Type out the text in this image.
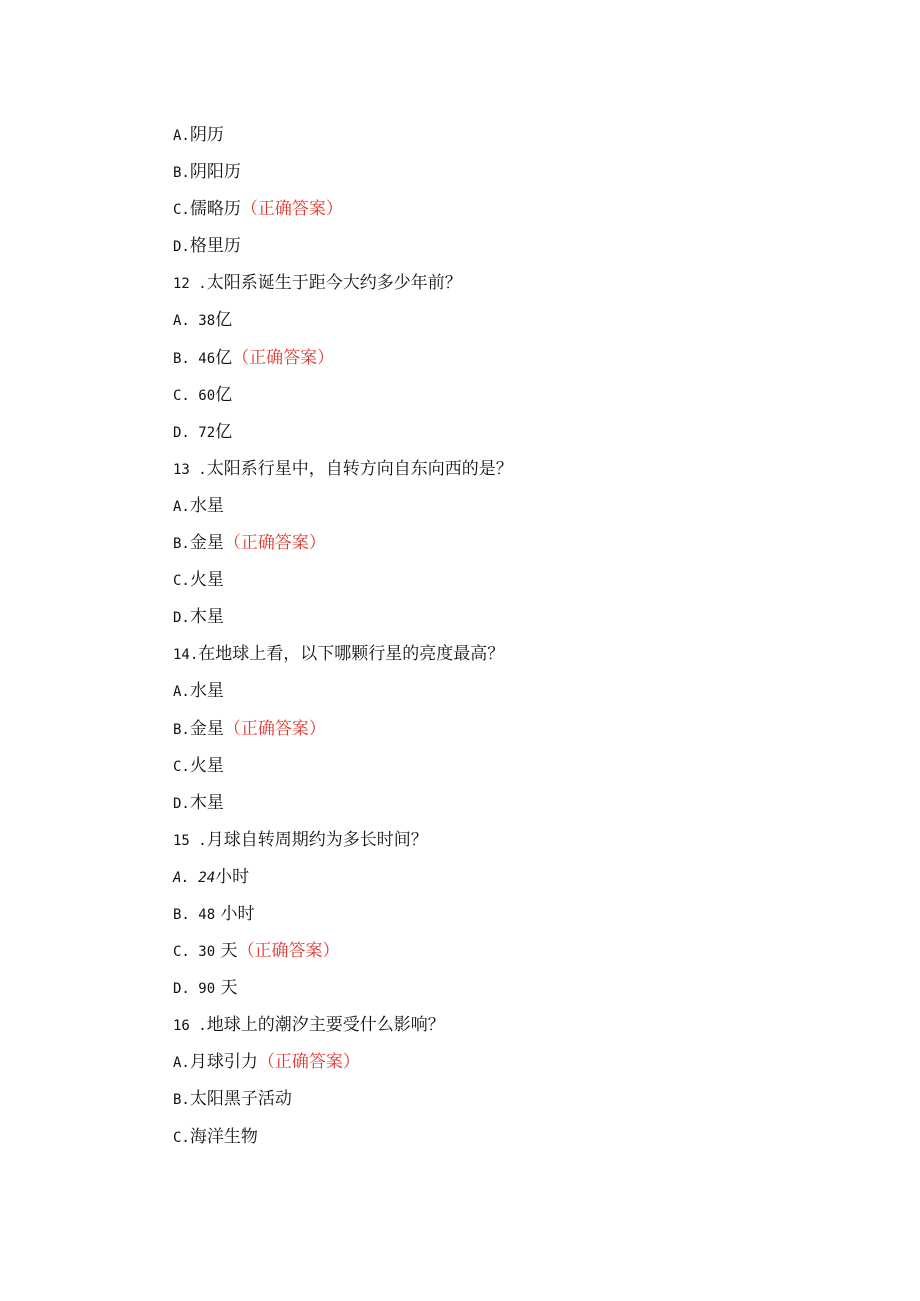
A.阴历
B.阴阳历
C.儒略历（正确答案）
D.格里历
12 .太阳系诞生于距今大约多少年前？
A. 38亿
B. 46亿（正确答案）
C. 60亿
D. 72亿
13 .太阳系行星中，自转方向自东向西的是？
A.水星
B.金星（正确答案）
C.火星
D.木星
14.在地球上看，以下哪颗行星的亮度最高？
A.水星
B.金星（正确答案）
C.火星
D.木星
15 .月球自转周期约为多长时间？
A. 24小时
B. 48 小时
C. 30 天（正确答案）
D. 90 天
16 .地球上的潮汐主要受什么影响？
A.月球引力（正确答案）
B.太阳黑子活动
C.海洋生物
